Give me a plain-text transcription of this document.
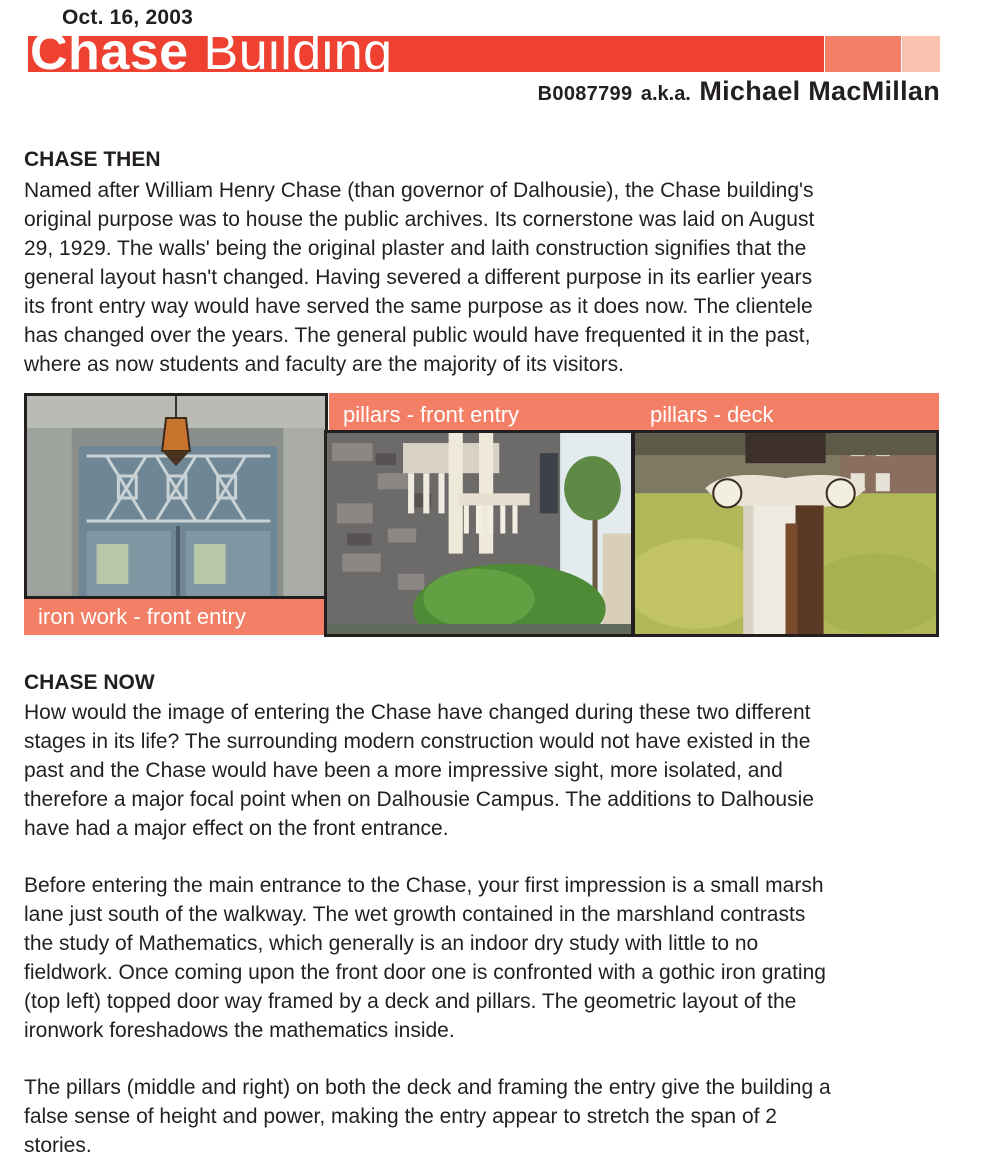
Oct. 16, 2003
Chase Building
B0087799 a.k.a. Michael MacMillan
CHASE THEN
Named after William Henry Chase (than governor of Dalhousie), the Chase building's
original purpose was to house the public archives. Its cornerstone was laid on August
29, 1929. The walls' being the original plaster and laith construction signifies that the
general layout hasn't changed. Having severed a different purpose in its earlier years
its front entry way would have served the same purpose as it does now. The clientele
has changed over the years. The general public would have frequented it in the past,
where as now students and faculty are the majority of its visitors.
iron work - front entry
pillars - front entry	pillars - deck
CHASE NOW
How would the image of entering the Chase have changed during these two different
stages in its life? The surrounding modern construction would not have existed in the
past and the Chase would have been a more impressive sight, more isolated, and
therefore a major focal point when on Dalhousie Campus. The additions to Dalhousie
have had a major effect on the front entrance.
Before entering the main entrance to the Chase, your first impression is a small marsh
lane just south of the walkway. The wet growth contained in the marshland contrasts
the study of Mathematics, which generally is an indoor dry study with little to no
fieldwork. Once coming upon the front door one is confronted with a gothic iron grating
(top left) topped door way framed by a deck and pillars. The geometric layout of the
ironwork foreshadows the mathematics inside.
The pillars (middle and right) on both the deck and framing the entry give the building a
false sense of height and power, making the entry appear to stretch the span of 2
stories.
